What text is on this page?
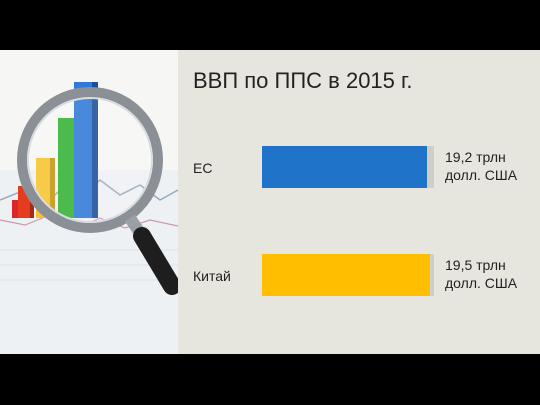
ВВП по ППС в 2015 г.
ЕС
19,2 трлн
долл. США
Китай
19,5 трлн
долл. США
